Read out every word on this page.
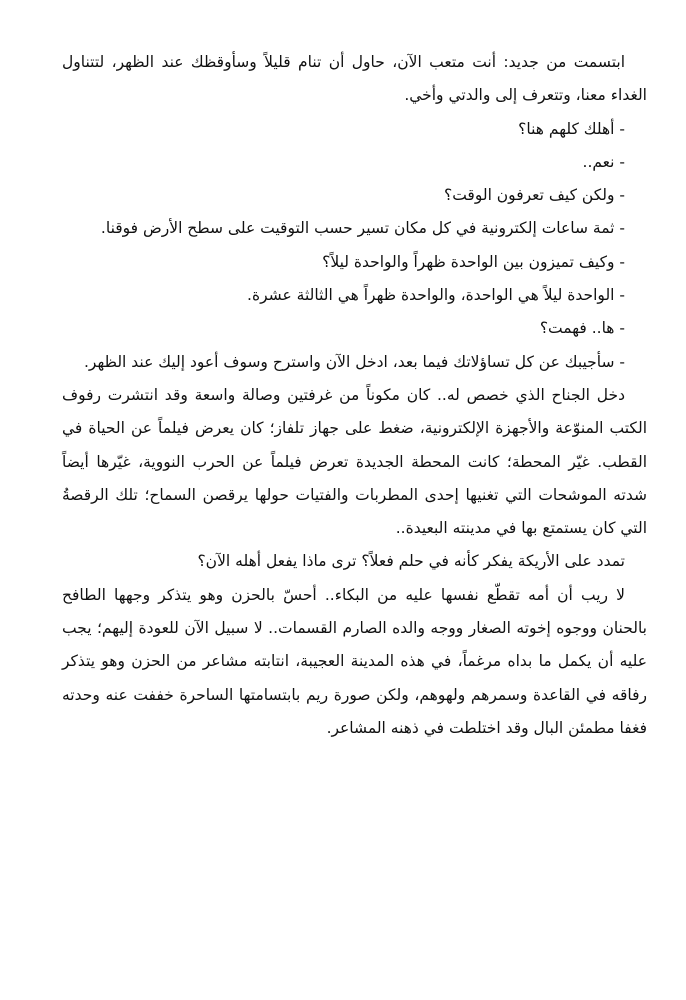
ابتسمت من جديد: أنت متعب الآن، حاول أن تنام قليلاً وسأوقظك عند الظهر، لتتناول الغداء معنا، وتتعرف إلى والدتي وأخي.

- أهلك كلهم هنا؟

- نعم..

- ولكن كيف تعرفون الوقت؟

- ثمة ساعات إلكترونية في كل مكان تسير حسب التوقيت على سطح الأرض فوقنا.

- وكيف تميزون بين الواحدة ظهراً والواحدة ليلاً؟

- الواحدة ليلاً هي الواحدة، والواحدة ظهراً هي الثالثة عشرة.

- ها.. فهمت؟

- سأجيبك عن كل تساؤلاتك فيما بعد، ادخل الآن واسترح وسوف أعود إليك عند الظهر.

دخل الجناح الذي خصص له.. كان مكوناً من غرفتين وصالة واسعة وقد انتشرت رفوف الكتب المنوّعة والأجهزة الإلكترونية، ضغط على جهاز تلفاز؛ كان يعرض فيلماً عن الحياة في القطب. غيّر المحطة؛ كانت المحطة الجديدة تعرض فيلماً عن الحرب النووية، غيّرها أيضاً شدته الموشحات التي تغنيها إحدى المطربات والفتيات حولها يرقصن السماح؛ تلك الرقصةُ التي كان يستمتع بها في مدينته البعيدة..

تمدد على الأريكة يفكر كأنه في حلم فعلاً؟ ترى ماذا يفعل أهله الآن؟

لا ريب أن أمه تقطّع نفسها عليه من البكاء.. أحسّ بالحزن وهو يتذكر وجهها الطافح بالحنان ووجوه إخوته الصغار ووجه والده الصارم القسمات.. لا سبيل الآن للعودة إليهم؛ يجب عليه أن يكمل ما بداه مرغماً، في هذه المدينة العجيبة، انتابته مشاعر من الحزن وهو يتذكر رفاقه في القاعدة وسمرهم ولهوهم، ولكن صورة ريم بابتسامتها الساحرة خففت عنه وحدته فغفا مطمئن البال وقد اختلطت في ذهنه المشاعر.
